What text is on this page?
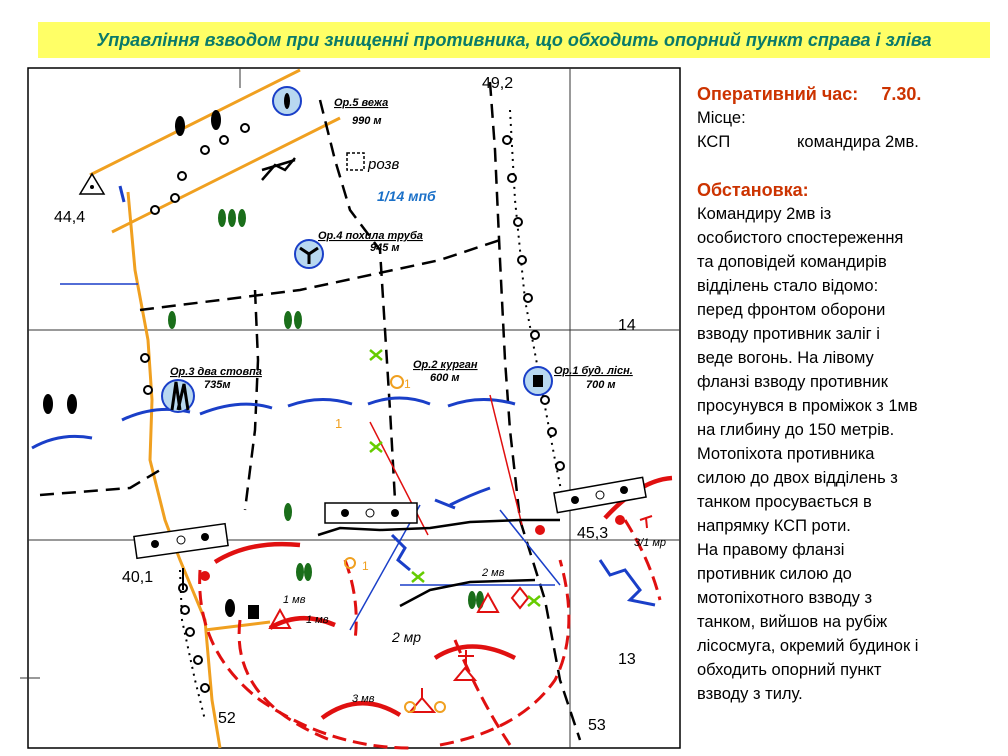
Управління взводом при знищенні противника, що обходить опорний пункт справа і зліва
49,2
44,4
14
40,1
45,3
13
52	53
Ор.5 вежа
990 м
Ор.4 похила труба
945 м
Ор.3 два стовпа
735м
Ор.2 курган
600 м
Ор.1 буд. лісн.
700 м
розв
1/14 мпб
1 мв
1 мв
2 мв
3 мв
2 мр
3/1 мр
1
1
1
Оперативний час: 7.30.
Місце:
КСП	командира 2мв.
Обстановка:
Командиру 2мв із
особистого спостереження
та доповідей командирів
відділень стало відомо:
перед фронтом оборони
взводу противник заліг і
веде вогонь. На лівому
фланзі взводу противник
просунувся в проміжок з 1мв
на глибину до 150 метрів.
Мотопіхота противника
силою до двох відділень з
танком просувається в
напрямку КСП роти.
На правому фланзі
противник силою до
мотопіхотного взводу з
танком, вийшов на рубіж
лісосмуга, окремий будинок і
обходить опорний пункт
взводу з тилу.
